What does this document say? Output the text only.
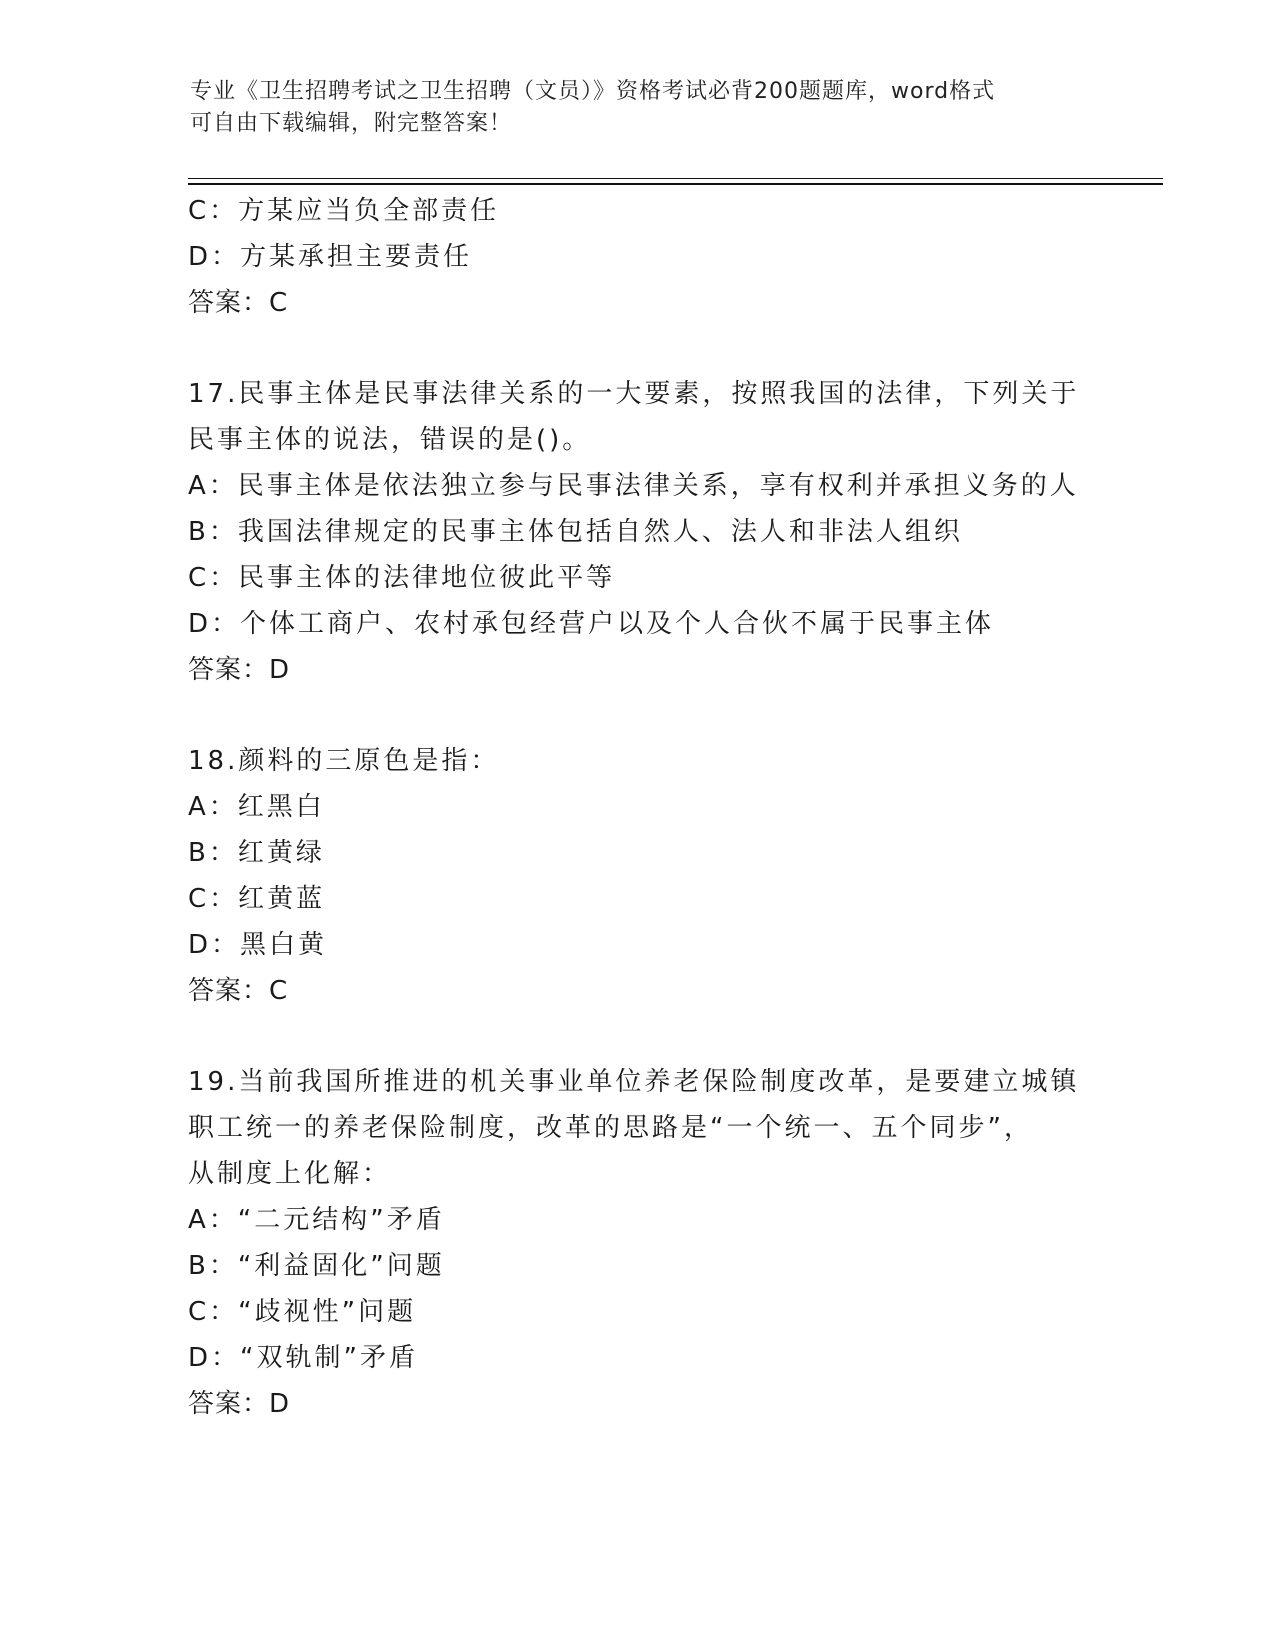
专业《卫生招聘考试之卫生招聘（文员）》资格考试必背200题题库，word格式
可自由下载编辑，附完整答案！
C：方某应当负全部责任
D：方某承担主要责任
答案：C
17.民事主体是民事法律关系的一大要素，按照我国的法律，下列关于
民事主体的说法，错误的是()。
A：民事主体是依法独立参与民事法律关系，享有权利并承担义务的人
B：我国法律规定的民事主体包括自然人、法人和非法人组织
C：民事主体的法律地位彼此平等
D：个体工商户、农村承包经营户以及个人合伙不属于民事主体
答案：D
18.颜料的三原色是指：
A：红黑白
B：红黄绿
C：红黄蓝
D：黑白黄
答案：C
19.当前我国所推进的机关事业单位养老保险制度改革，是要建立城镇
职工统一的养老保险制度，改革的思路是“一个统一、五个同步”，
从制度上化解：
A：“二元结构”矛盾
B：“利益固化”问题
C：“歧视性”问题
D：“双轨制”矛盾
答案：D
